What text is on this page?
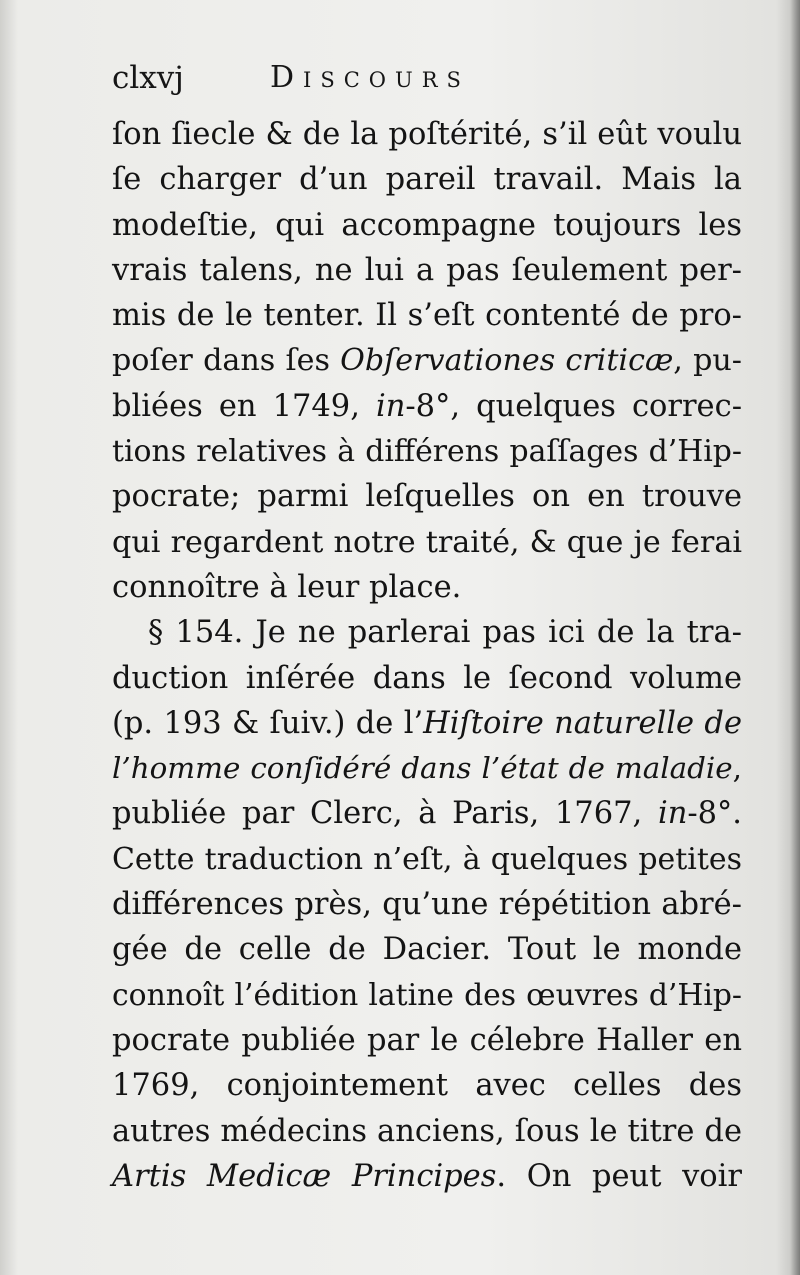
clxvj	Discours
ſon ſiecle & de la poſtérité, s’il eût voulu
ſe charger d’un pareil travail. Mais la
modeſtie, qui accompagne toujours les
vrais talens, ne lui a pas ſeulement per-
mis de le tenter. Il s’eſt contenté de pro-
poſer dans ſes Obſervationes criticæ, pu-
bliées en 1749, in-8°, quelques correc-
tions relatives à différens paſſages d’Hip-
pocrate; parmi leſquelles on en trouve
qui regardent notre traité, & que je ferai
connoître à leur place.
§ 154. Je ne parlerai pas ici de la tra-
duction inſérée dans le ſecond volume
(p. 193 & ſuiv.) de l’Hiſtoire naturelle de
l’homme conſidéré dans l’état de maladie,
publiée par Clerc, à Paris, 1767, in-8°.
Cette traduction n’eſt, à quelques petites
différences près, qu’une répétition abré-
gée de celle de Dacier. Tout le monde
connoît l’édition latine des œuvres d’Hip-
pocrate publiée par le célebre Haller en
1769, conjointement avec celles des
autres médecins anciens, ſous le titre de
Artis Medicæ Principes. On peut voir
